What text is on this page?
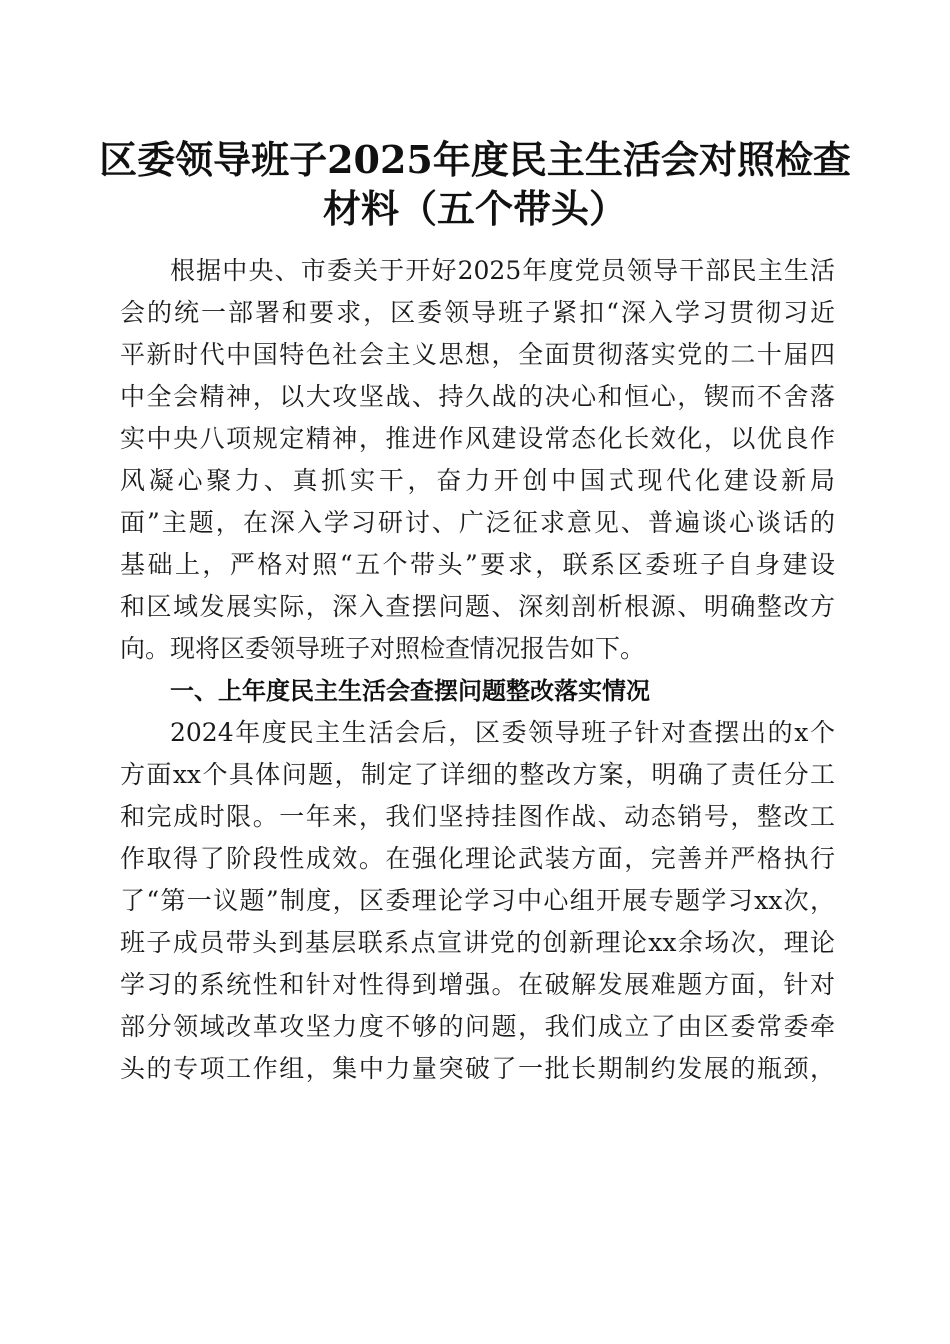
区委领导班子2025年度民主生活会对照检查
材料（五个带头）
根据中央、市委关于开好2025年度党员领导干部民主生活
会的统一部署和要求，区委领导班子紧扣“深入学习贯彻习近
平新时代中国特色社会主义思想，全面贯彻落实党的二十届四
中全会精神，以大攻坚战、持久战的决心和恒心，锲而不舍落
实中央八项规定精神，推进作风建设常态化长效化，以优良作
风凝心聚力、真抓实干，奋力开创中国式现代化建设新局
面”主题，在深入学习研讨、广泛征求意见、普遍谈心谈话的
基础上，严格对照“五个带头”要求，联系区委班子自身建设
和区域发展实际，深入查摆问题、深刻剖析根源、明确整改方
向。现将区委领导班子对照检查情况报告如下。
一、上年度民主生活会查摆问题整改落实情况
2024年度民主生活会后，区委领导班子针对查摆出的x个
方面xx个具体问题，制定了详细的整改方案，明确了责任分工
和完成时限。一年来，我们坚持挂图作战、动态销号，整改工
作取得了阶段性成效。在强化理论武装方面，完善并严格执行
了“第一议题”制度，区委理论学习中心组开展专题学习xx次，
班子成员带头到基层联系点宣讲党的创新理论xx余场次，理论
学习的系统性和针对性得到增强。在破解发展难题方面，针对
部分领域改革攻坚力度不够的问题，我们成立了由区委常委牵
头的专项工作组，集中力量突破了一批长期制约发展的瓶颈，
